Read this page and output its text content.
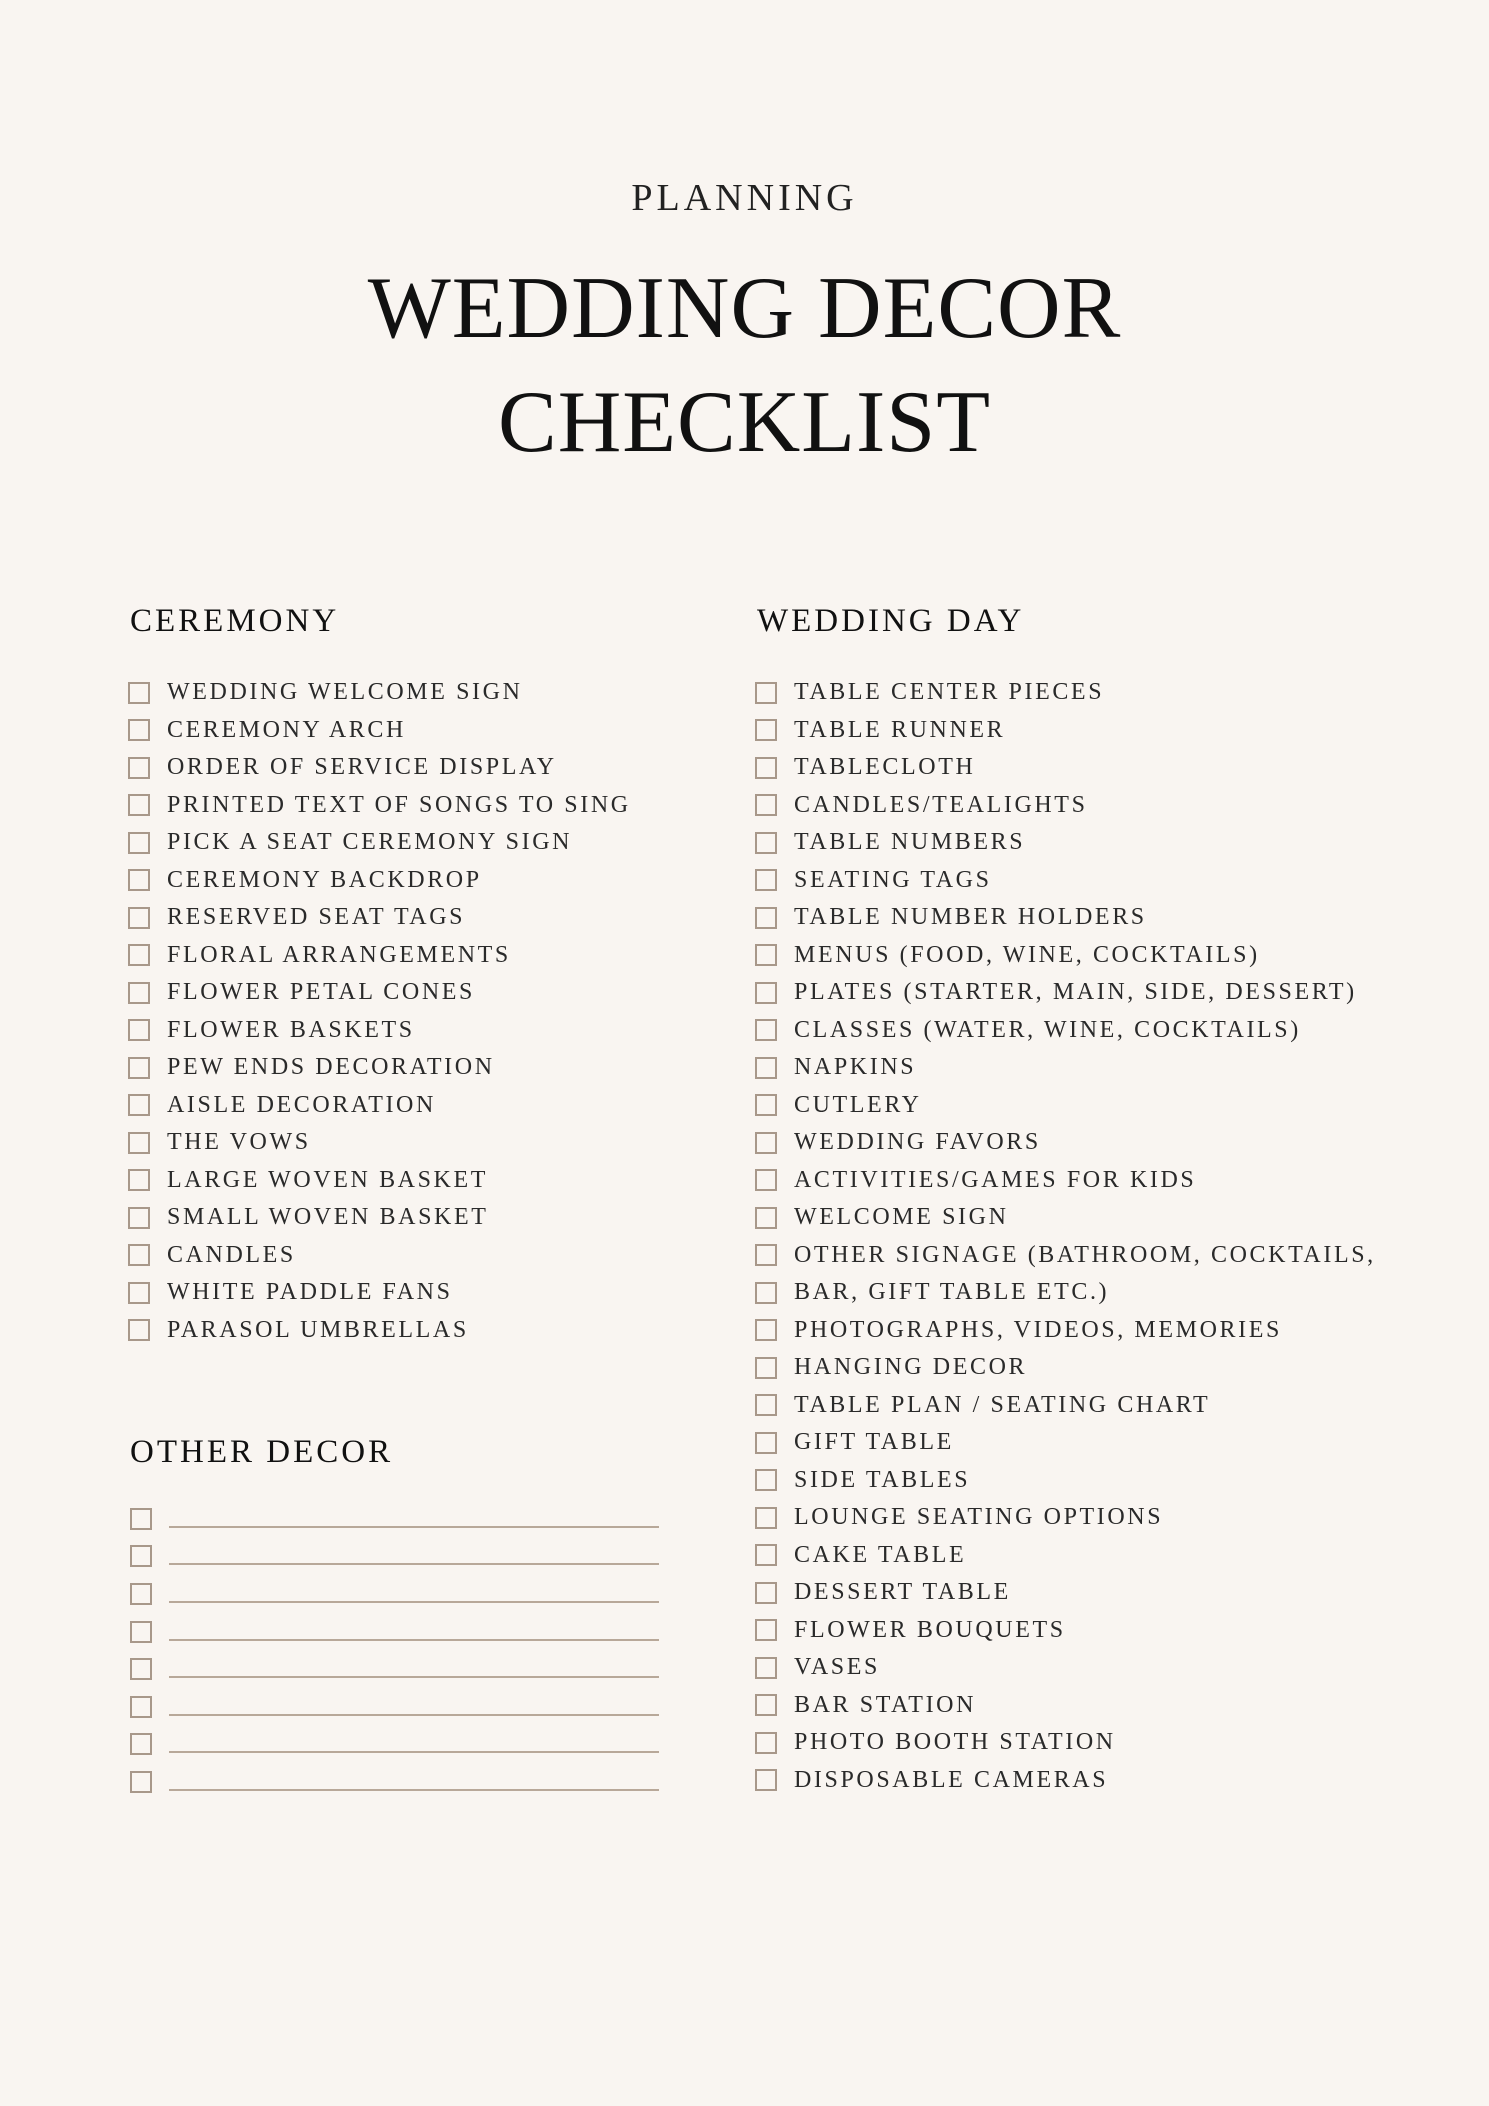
PLANNING
WEDDING DECOR
CHECKLIST
CEREMONY
WEDDING WELCOME SIGN
CEREMONY ARCH
ORDER OF SERVICE DISPLAY
PRINTED TEXT OF SONGS TO SING
PICK A SEAT CEREMONY SIGN
CEREMONY BACKDROP
RESERVED SEAT TAGS
FLORAL ARRANGEMENTS
FLOWER PETAL CONES
FLOWER BASKETS
PEW ENDS DECORATION
AISLE DECORATION
THE VOWS
LARGE WOVEN BASKET
SMALL WOVEN BASKET
CANDLES
WHITE PADDLE FANS
PARASOL UMBRELLAS
OTHER DECOR
WEDDING DAY
TABLE CENTER PIECES
TABLE RUNNER
TABLECLOTH
CANDLES/TEALIGHTS
TABLE NUMBERS
SEATING TAGS
TABLE NUMBER HOLDERS
MENUS (FOOD, WINE, COCKTAILS)
PLATES (STARTER, MAIN, SIDE, DESSERT)
CLASSES (WATER, WINE, COCKTAILS)
NAPKINS
CUTLERY
WEDDING FAVORS
ACTIVITIES/GAMES FOR KIDS
WELCOME SIGN
OTHER SIGNAGE (BATHROOM, COCKTAILS,
BAR, GIFT TABLE ETC.)
PHOTOGRAPHS, VIDEOS, MEMORIES
HANGING DECOR
TABLE PLAN / SEATING CHART
GIFT TABLE
SIDE TABLES
LOUNGE SEATING OPTIONS
CAKE TABLE
DESSERT TABLE
FLOWER BOUQUETS
VASES
BAR STATION
PHOTO BOOTH STATION
DISPOSABLE CAMERAS
